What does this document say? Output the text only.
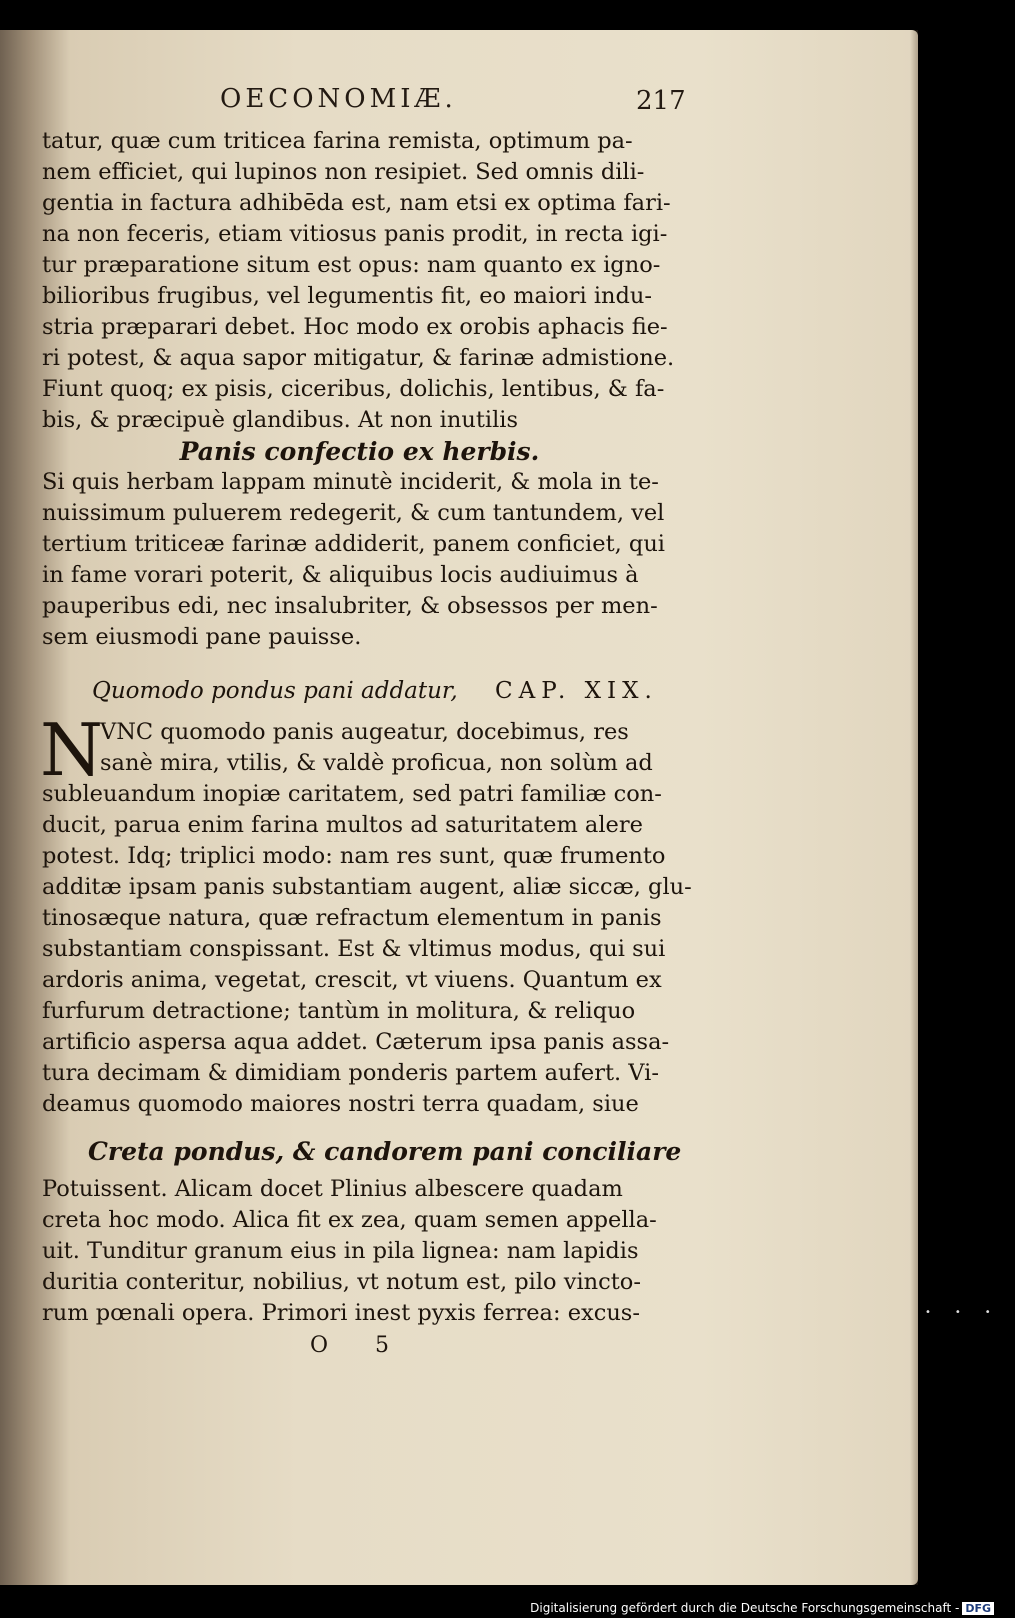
OECONOMIÆ.	217
tatur, quæ cum triticea farina remista, optimum pa-
nem efficiet, qui lupinos non resipiet. Sed omnis dili-
gentia in factura adhibēda est, nam etsi ex optima fari-
na non feceris, etiam vitiosus panis prodit, in recta igi-
tur præparatione situm est opus: nam quanto ex igno-
bilioribus frugibus, vel legumentis fit, eo maiori indu-
stria præparari debet. Hoc modo ex orobis aphacis fie-
ri potest, & aqua sapor mitigatur, & farinæ admistione.
Fiunt quoq; ex pisis, ciceribus, dolichis, lentibus, & fa-
bis, & præcipuè glandibus. At non inutilis
Panis confectio ex herbis.
Si quis herbam lappam minutè inciderit, & mola in te-
nuissimum puluerem redegerit, & cum tantundem, vel
tertium triticeæ farinæ addiderit, panem conficiet, qui
in fame vorari poterit, & aliquibus locis audiuimus à
pauperibus edi, nec insalubriter, & obsessos per men-
sem eiusmodi pane pauisse.
Quomodo pondus pani addatur, CAP. XIX.
N
VNC quomodo panis augeatur, docebimus, res
sanè mira, vtilis, & valdè proficua, non solùm ad
subleuandum inopiæ caritatem, sed patri familiæ con-
ducit, parua enim farina multos ad saturitatem alere
potest. Idq; triplici modo: nam res sunt, quæ frumento
additæ ipsam panis substantiam augent, aliæ siccæ, glu-
tinosæque natura, quæ refractum elementum in panis
substantiam conspissant. Est & vltimus modus, qui sui
ardoris anima, vegetat, crescit, vt viuens. Quantum ex
furfurum detractione; tantùm in molitura, & reliquo
artificio aspersa aqua addet. Cæterum ipsa panis assa-
tura decimam & dimidiam ponderis partem aufert. Vi-
deamus quomodo maiores nostri terra quadam, siue
Creta pondus, & candorem pani conciliare
Potuissent. Alicam docet Plinius albescere quadam
creta hoc modo. Alica fit ex zea, quam semen appella-
uit. Tunditur granum eius in pila lignea: nam lapidis
duritia conteritur, nobilius, vt notum est, pilo vincto-
rum pœnali opera. Primori inest pyxis ferrea: excus-
O 5
•••
Digitalisierung gefördert durch die Deutsche Forschungsgemeinschaft - DFG
